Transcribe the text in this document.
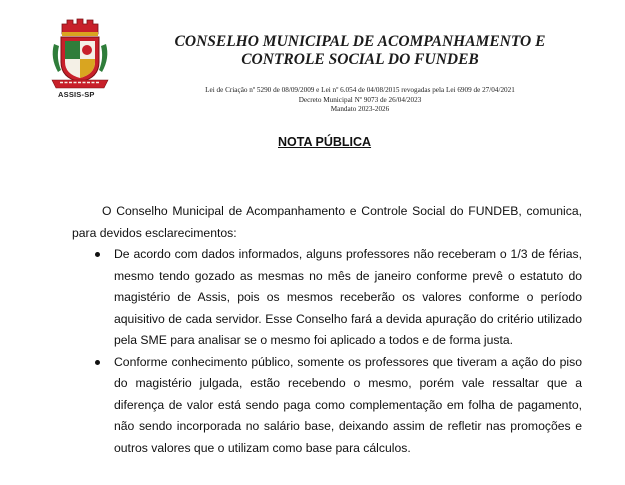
ASSIS-SP
CONSELHO MUNICIPAL DE ACOMPANHAMENTO E
CONTROLE SOCIAL DO FUNDEB
Lei de Criação nº 5290 de 08/09/2009 e Lei nº 6.054 de 04/08/2015 revogadas pela Lei 6909 de 27/04/2021
Decreto Municipal Nº 9073 de 26/04/2023
Mandato 2023-2026
NOTA PÚBLICA

O Conselho Municipal de Acompanhamento e Controle Social do FUNDEB, comunica, para devidos esclarecimentos:

De acordo com dados informados, alguns professores não receberam o 1/3 de férias, mesmo tendo gozado as mesmas no mês de janeiro conforme prevê o estatuto do magistério de Assis, pois os mesmos receberão os valores conforme o período aquisitivo de cada servidor. Esse Conselho fará a devida apuração do critério utilizado pela SME para analisar se o mesmo foi aplicado a todos e de forma justa.
Conforme conhecimento público, somente os professores que tiveram a ação do piso do magistério julgada, estão recebendo o mesmo, porém vale ressaltar que a diferença de valor está sendo paga como complementação em folha de pagamento, não sendo incorporada no salário base, deixando assim de refletir nas promoções e outros valores que o utilizam como base para cálculos.
